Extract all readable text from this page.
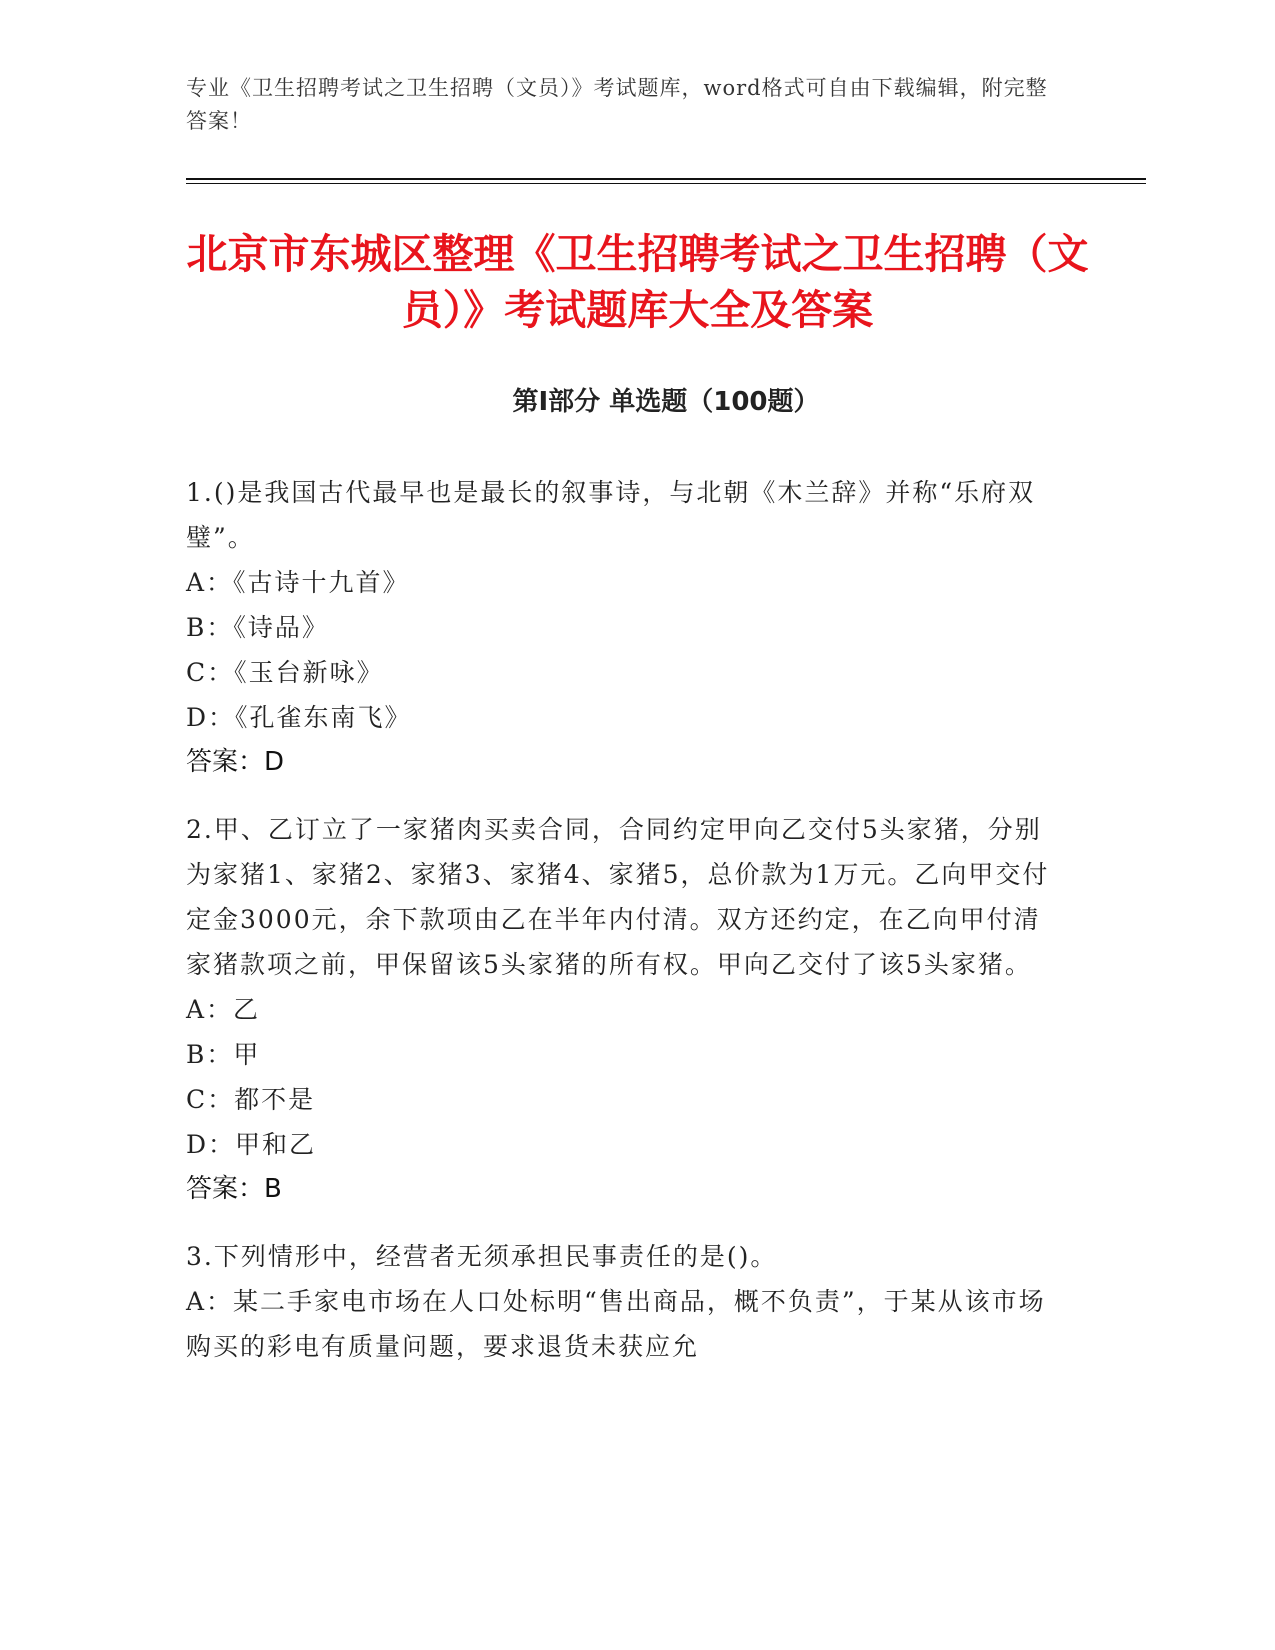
专业《卫生招聘考试之卫生招聘（文员）》考试题库，word格式可自由下载编辑，附完整答案！
北京市东城区整理《卫生招聘考试之卫生招聘（文员）》考试题库大全及答案
第Ⅰ部分 单选题（100题）

1.()是我国古代最早也是最长的叙事诗，与北朝《木兰辞》并称“乐府双璧”。

A：《古诗十九首》

B：《诗品》

C：《玉台新咏》

D：《孔雀东南飞》

答案：D

2.甲、乙订立了一家猪肉买卖合同，合同约定甲向乙交付5头家猪，分别为家猪1、家猪2、家猪3、家猪4、家猪5，总价款为1万元。乙向甲交付定金3000元，余下款项由乙在半年内付清。双方还约定，在乙向甲付清家猪款项之前，甲保留该5头家猪的所有权。甲向乙交付了该5头家猪。

A：乙

B：甲

C：都不是

D：甲和乙

答案：B

3.下列情形中，经营者无须承担民事责任的是()。

A：某二手家电市场在人口处标明“售出商品，概不负责”，于某从该市场购买的彩电有质量问题，要求退货未获应允
